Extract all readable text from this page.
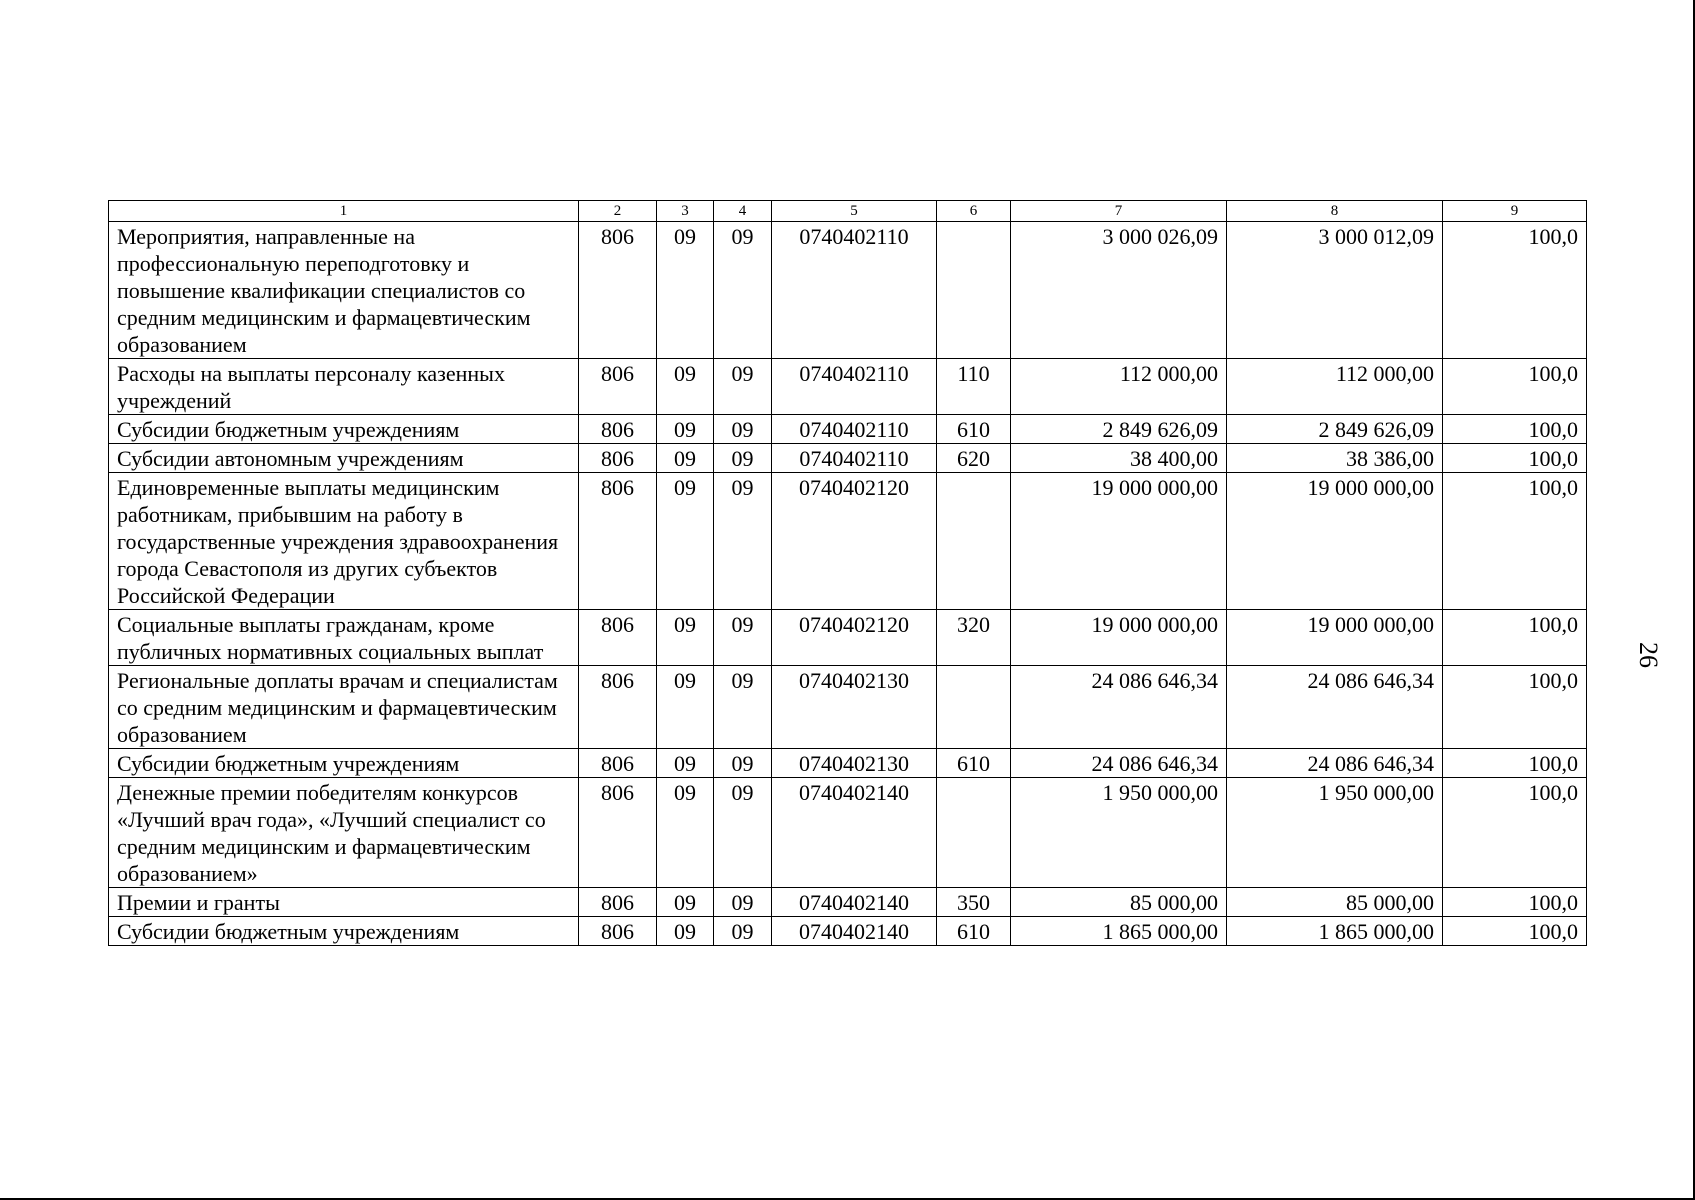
1	2	3	4	5	6	7	8	9
Мероприятия, направленные на профессиональную переподготовку и повышение квалификации специалистов со средним медицинским и фармацевтическим образованием	806	09	09	0740402110		3 000 026,09	3 000 012,09	100,0
Расходы на выплаты персоналу казенных учреждений	806	09	09	0740402110	110	112 000,00	112 000,00	100,0
Субсидии бюджетным учреждениям	806	09	09	0740402110	610	2 849 626,09	2 849 626,09	100,0
Субсидии автономным учреждениям	806	09	09	0740402110	620	38 400,00	38 386,00	100,0
Единовременные выплаты медицинским работникам, прибывшим на работу в государственные учреждения здравоохранения города Севастополя из других субъектов Российской Федерации	806	09	09	0740402120		19 000 000,00	19 000 000,00	100,0
Социальные выплаты гражданам, кроме публичных нормативных социальных выплат	806	09	09	0740402120	320	19 000 000,00	19 000 000,00	100,0
Региональные доплаты врачам и специалистам со средним медицинским и фармацевтическим образованием	806	09	09	0740402130		24 086 646,34	24 086 646,34	100,0
Субсидии бюджетным учреждениям	806	09	09	0740402130	610	24 086 646,34	24 086 646,34	100,0
Денежные премии победителям конкурсов «Лучший врач года», «Лучший специалист со средним медицинским и фармацевтическим образованием»	806	09	09	0740402140		1 950 000,00	1 950 000,00	100,0
Премии и гранты	806	09	09	0740402140	350	85 000,00	85 000,00	100,0
Субсидии бюджетным учреждениям	806	09	09	0740402140	610	1 865 000,00	1 865 000,00	100,0
26
